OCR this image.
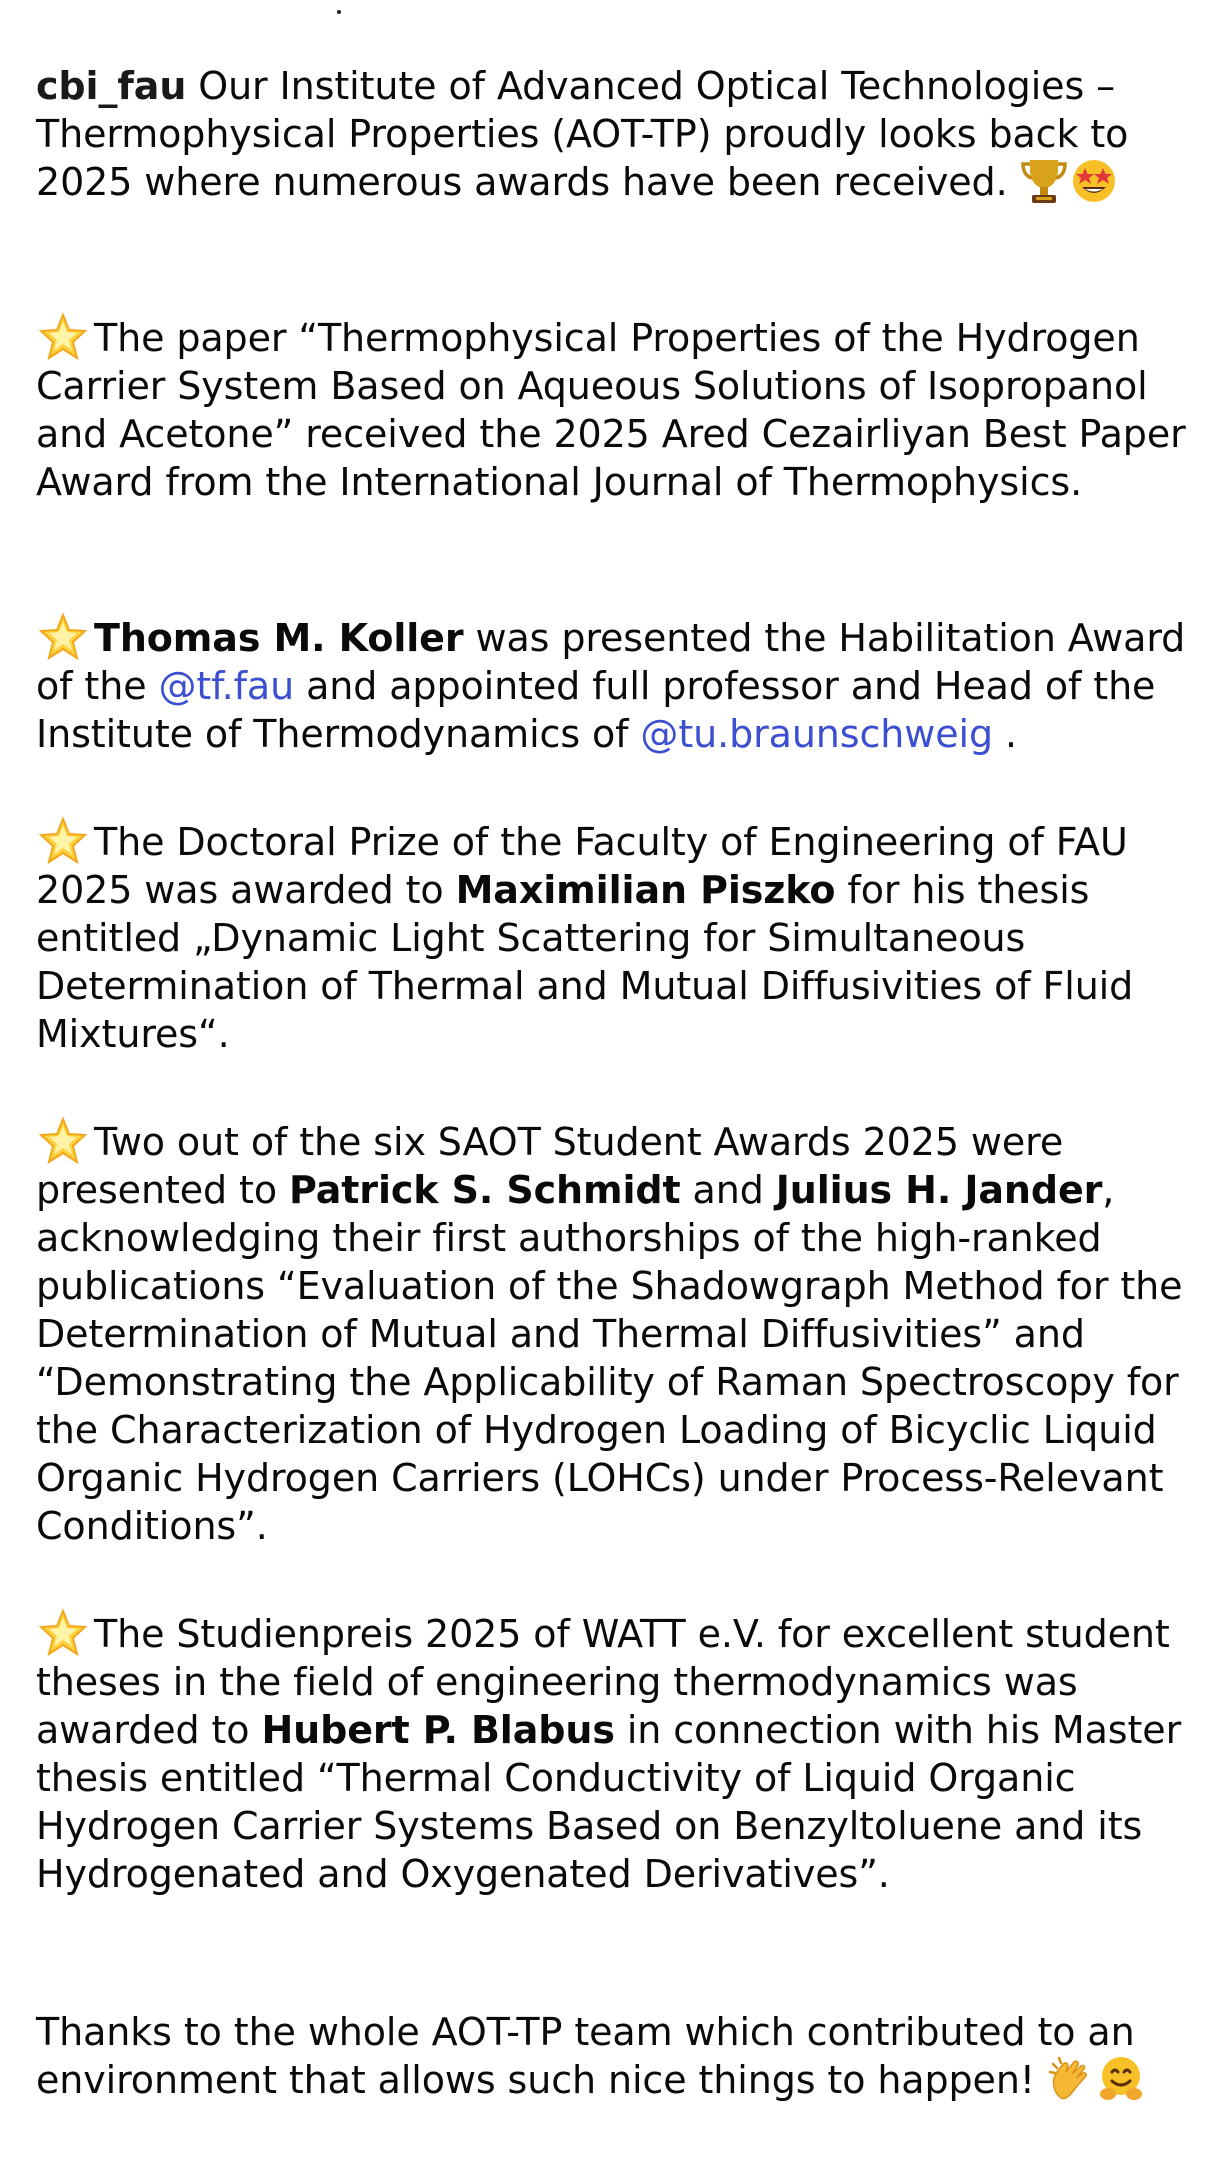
cbi_fau Our Institute of Advanced Optical Technologies – Thermophysical Properties (AOT-TP) proudly looks back to 2025 where numerous awards have been received.
The paper “Thermophysical Properties of the Hydrogen Carrier System Based on Aqueous Solutions of Isopropanol and Acetone” received the 2025 Ared Cezairliyan Best Paper Award from the International Journal of Thermophysics.
Thomas M. Koller was presented the Habilitation Award of the @tf.fau and appointed full professor and Head of the Institute of Thermodynamics of @tu.braunschweig .
The Doctoral Prize of the Faculty of Engineering of FAU 2025 was awarded to Maximilian Piszko for his thesis entitled „Dynamic Light Scattering for Simultaneous Determination of Thermal and Mutual Diffusivities of Fluid Mixtures“.
Two out of the six SAOT Student Awards 2025 were presented to Patrick S. Schmidt and Julius H. Jander, acknowledging their first authorships of the high-ranked publications “Evaluation of the Shadowgraph Method for the Determination of Mutual and Thermal Diffusivities” and “Demonstrating the Applicability of Raman Spectroscopy for the Characterization of Hydrogen Loading of Bicyclic Liquid Organic Hydrogen Carriers (LOHCs) under Process-Relevant Conditions”.
The Studienpreis 2025 of WATT e.V. for excellent student theses in the field of engineering thermodynamics was awarded to Hubert P. Blabus in connection with his Master thesis entitled “Thermal Conductivity of Liquid Organic Hydrogen Carrier Systems Based on Benzyltoluene and its Hydrogenated and Oxygenated Derivatives”.
Thanks to the whole AOT-TP team which contributed to an environment that allows such nice things to happen!
